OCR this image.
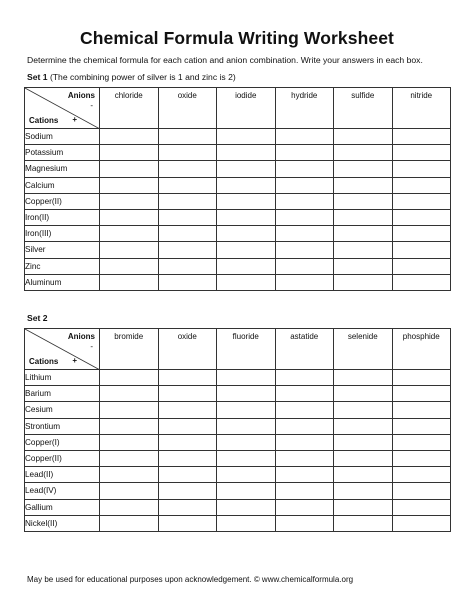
Chemical Formula Writing Worksheet
Determine the chemical formula for each cation and anion combination. Write your answers in each box.
Set 1 (The combining power of silver is 1 and zinc is 2)
Anions
-
Cations +	chloride	oxide	iodide	hydride	sulfide	nitride
Sodium						
Potassium						
Magnesium						
Calcium						
Copper(II)						
Iron(II)						
Iron(III)						
Silver						
Zinc						
Aluminum						
Set 2
Anions
-
Cations +	bromide	oxide	fluoride	astatide	selenide	phosphide
Lithium						
Barium						
Cesium						
Strontium						
Copper(I)						
Copper(II)						
Lead(II)						
Lead(IV)						
Gallium						
Nickel(II)						
May be used for educational purposes upon acknowledgement. © www.chemicalformula.org
